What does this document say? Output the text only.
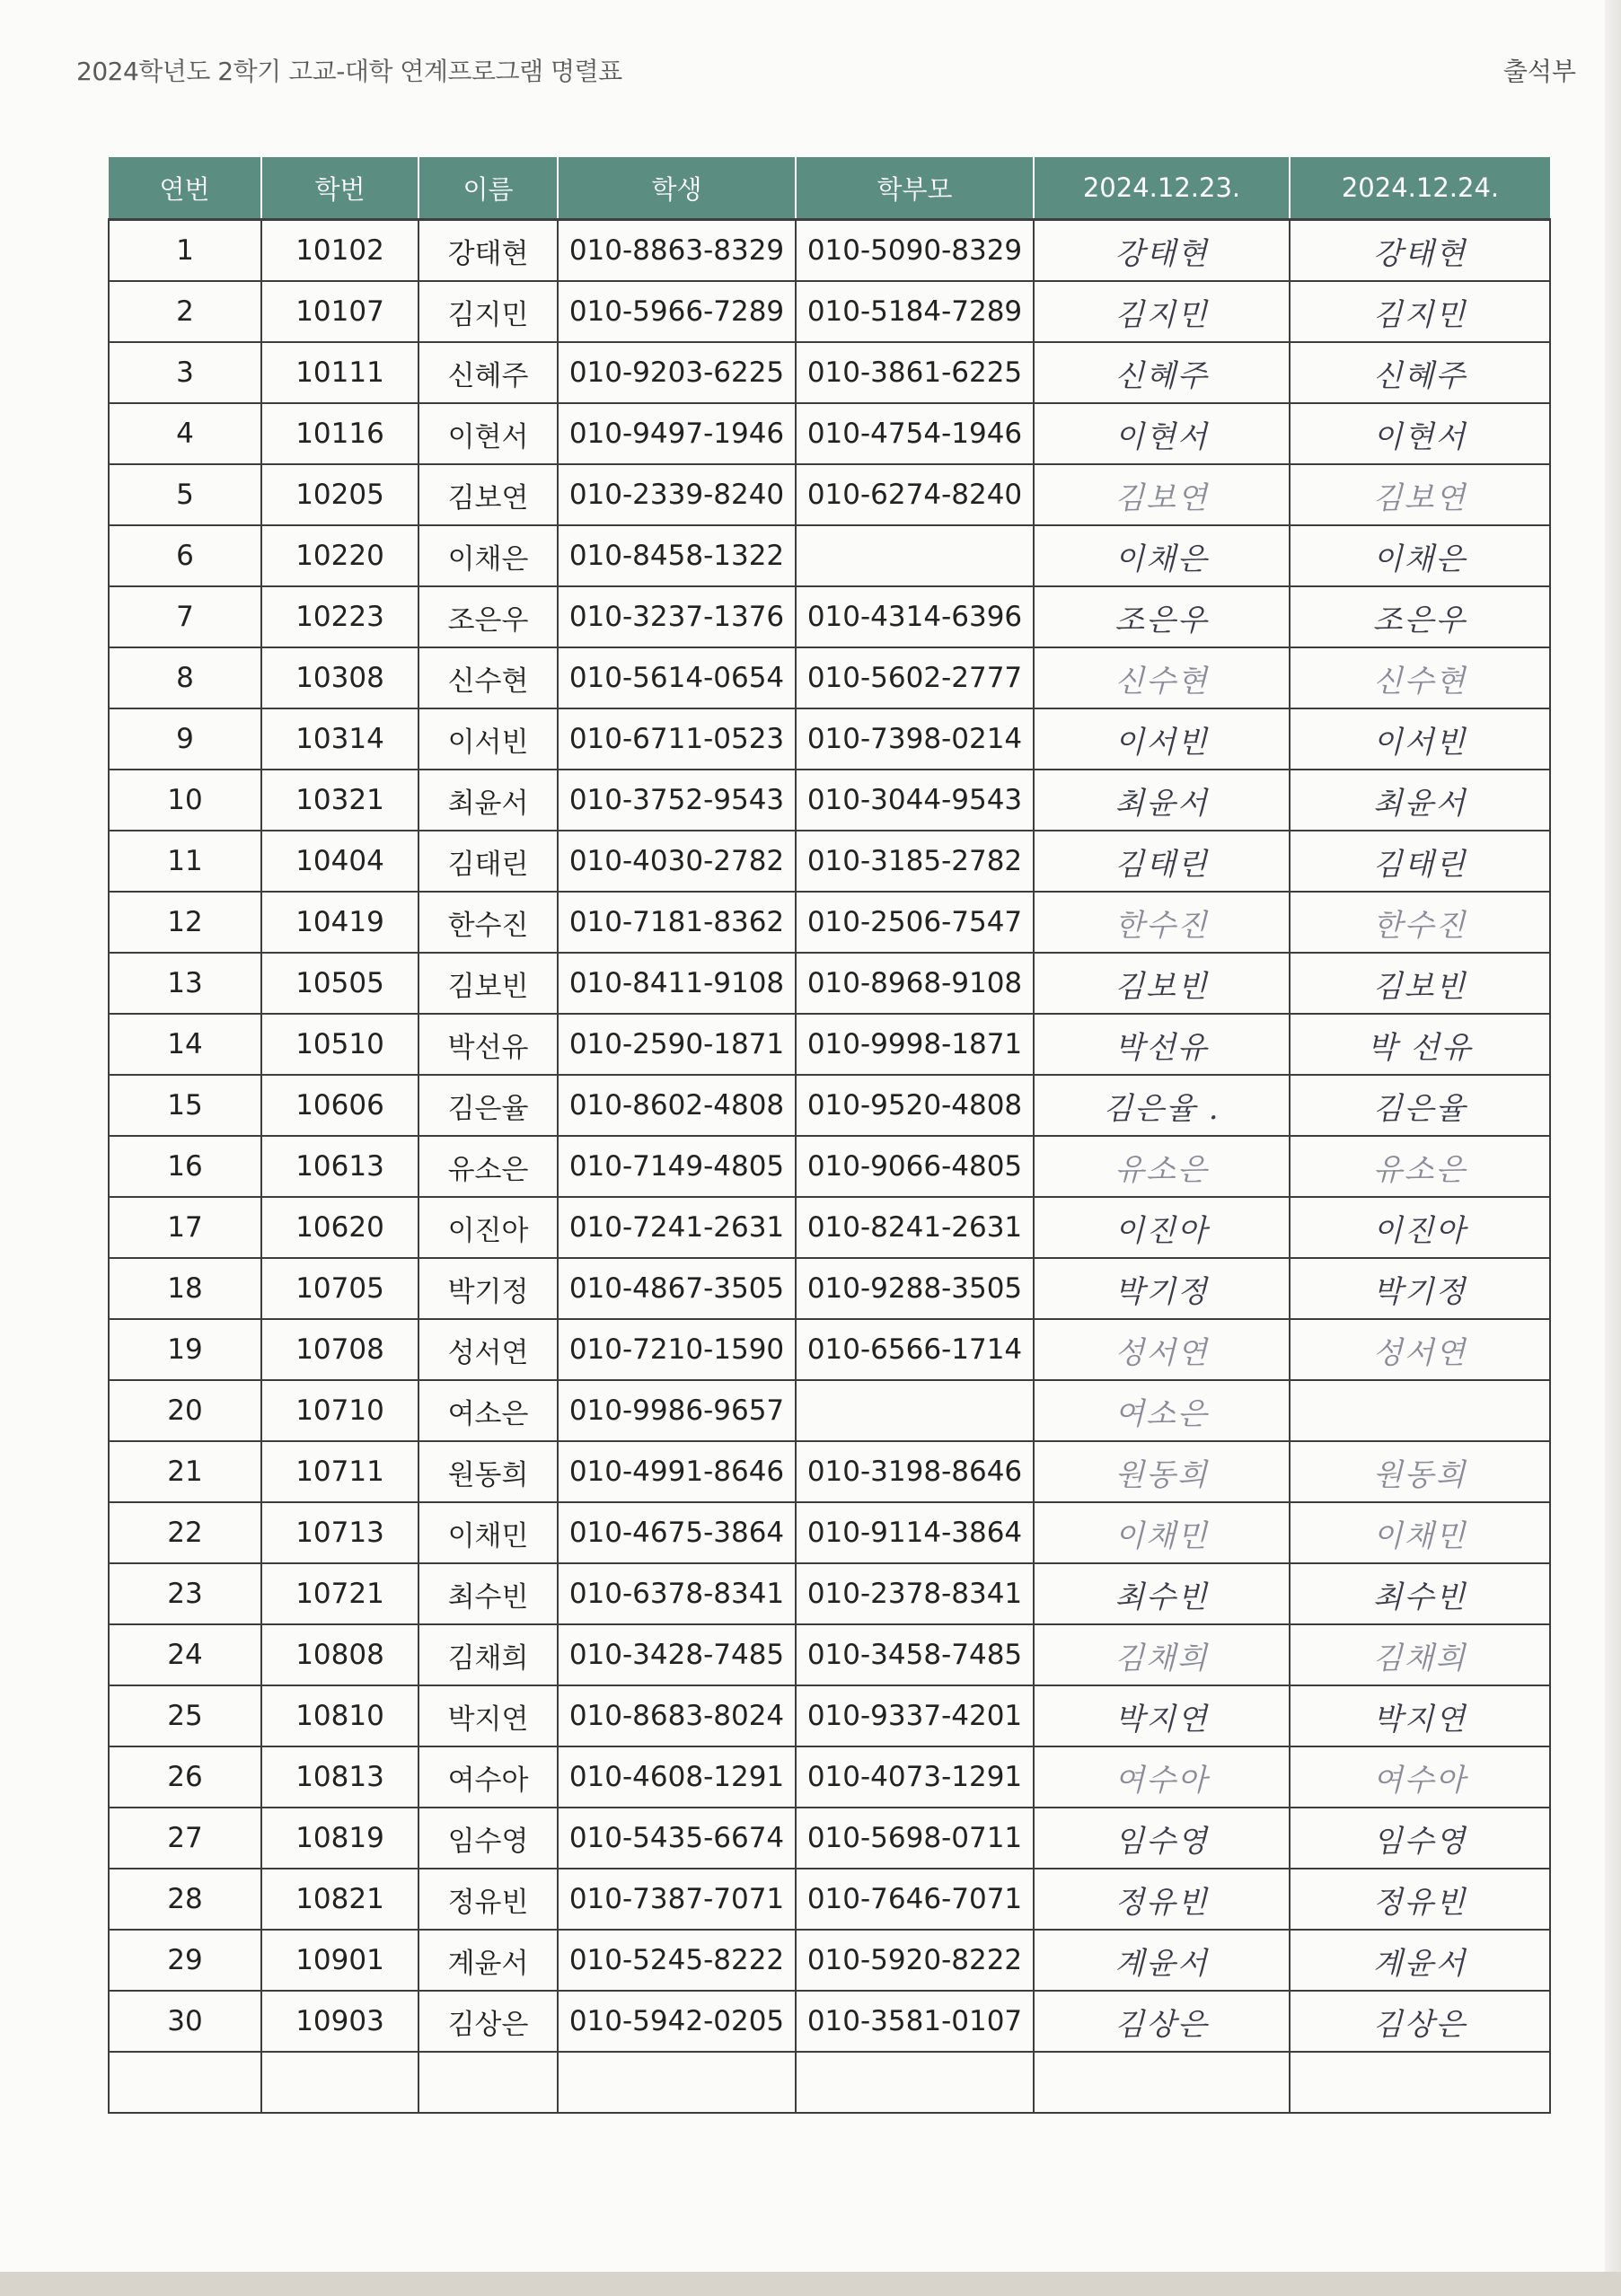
2024학년도 2학기 고교-대학 연계프로그램 명렬표	출석부
연번	학번	이름	학생	학부모	2024.12.23.	2024.12.24.
1	10102	강태현	010-8863-8329	010-5090-8329	강태현	강태현
2	10107	김지민	010-5966-7289	010-5184-7289	김지민	김지민
3	10111	신혜주	010-9203-6225	010-3861-6225	신혜주	신혜주
4	10116	이현서	010-9497-1946	010-4754-1946	이현서	이현서
5	10205	김보연	010-2339-8240	010-6274-8240	김보연	김보연
6	10220	이채은	010-8458-1322		이채은	이채은
7	10223	조은우	010-3237-1376	010-4314-6396	조은우	조은우
8	10308	신수현	010-5614-0654	010-5602-2777	신수현	신수현
9	10314	이서빈	010-6711-0523	010-7398-0214	이서빈	이서빈
10	10321	최윤서	010-3752-9543	010-3044-9543	최윤서	최윤서
11	10404	김태린	010-4030-2782	010-3185-2782	김태린	김태린
12	10419	한수진	010-7181-8362	010-2506-7547	한수진	한수진
13	10505	김보빈	010-8411-9108	010-8968-9108	김보빈	김보빈
14	10510	박선유	010-2590-1871	010-9998-1871	박선유	박 선유
15	10606	김은율	010-8602-4808	010-9520-4808	김은율 .	김은율
16	10613	유소은	010-7149-4805	010-9066-4805	유소은	유소은
17	10620	이진아	010-7241-2631	010-8241-2631	이진아	이진아
18	10705	박기정	010-4867-3505	010-9288-3505	박기정	박기정
19	10708	성서연	010-7210-1590	010-6566-1714	성서연	성서연
20	10710	여소은	010-9986-9657		여소은	
21	10711	원동희	010-4991-8646	010-3198-8646	원동희	원동희
22	10713	이채민	010-4675-3864	010-9114-3864	이채민	이채민
23	10721	최수빈	010-6378-8341	010-2378-8341	최수빈	최수빈
24	10808	김채희	010-3428-7485	010-3458-7485	김채희	김채희
25	10810	박지연	010-8683-8024	010-9337-4201	박지연	박지연
26	10813	여수아	010-4608-1291	010-4073-1291	여수아	여수아
27	10819	임수영	010-5435-6674	010-5698-0711	임수영	임수영
28	10821	정유빈	010-7387-7071	010-7646-7071	정유빈	정유빈
29	10901	계윤서	010-5245-8222	010-5920-8222	계윤서	계윤서
30	10903	김상은	010-5942-0205	010-3581-0107	김상은	김상은
